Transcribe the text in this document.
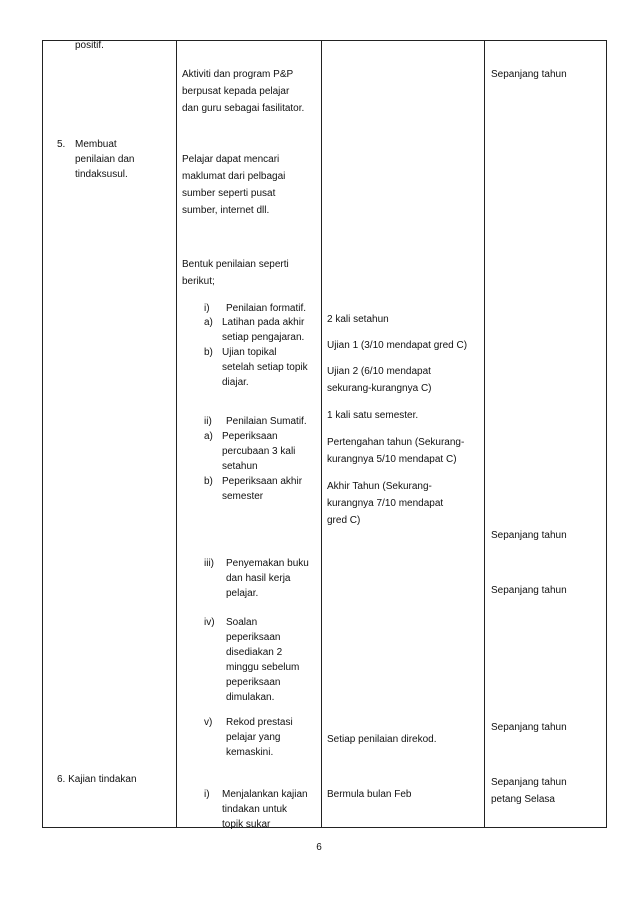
positif.
5. Membuat
penilaian dan
tindaksusul.
6. Kajian tindakan
Aktiviti dan program P&P
berpusat kepada pelajar
dan guru sebagai fasilitator.
Pelajar dapat mencari
maklumat dari pelbagai
sumber seperti pusat
sumber, internet dll.
Bentuk penilaian seperti
berikut;
i) Penilaian formatif.
a) Latihan pada akhir
setiap pengajaran.
b) Ujian topikal
setelah setiap topik
diajar.
ii) Penilaian Sumatif.
a) Peperiksaan
percubaan 3 kali
setahun
b) Peperiksaan akhir
semester
iii) Penyemakan buku
dan hasil kerja
pelajar.
iv) Soalan
peperiksaan
disediakan 2
minggu sebelum
peperiksaan
dimulakan.
v) Rekod prestasi
pelajar yang
kemaskini.
i) Menjalankan kajian
tindakan untuk
topik sukar
2 kali setahun
Ujian 1 (3/10 mendapat gred C)
Ujian 2 (6/10 mendapat
sekurang-kurangnya C)
1 kali satu semester.
Pertengahan tahun (Sekurang-
kurangnya 5/10 mendapat C)
Akhir Tahun (Sekurang-
kurangnya 7/10 mendapat
gred C)
Setiap penilaian direkod.
Bermula bulan Feb
Sepanjang tahun
Sepanjang tahun
Sepanjang tahun
Sepanjang tahun
Sepanjang tahun
petang Selasa
6
